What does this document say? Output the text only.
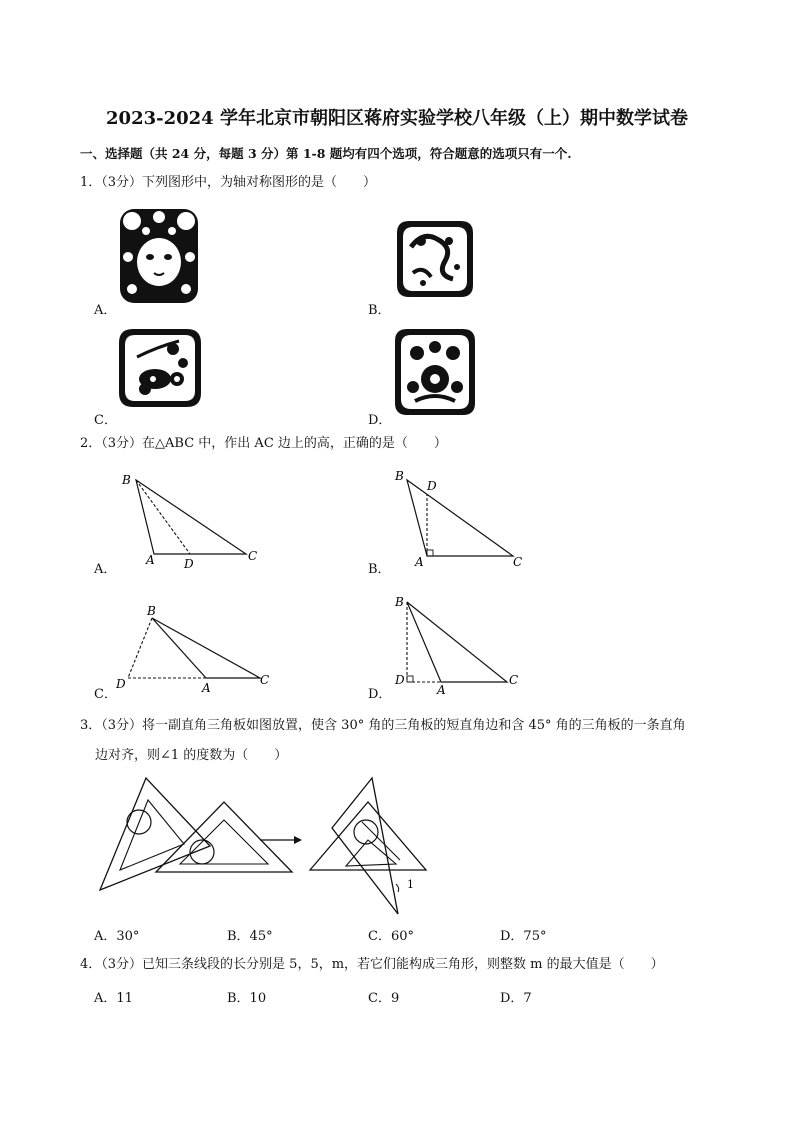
2023-2024 学年北京市朝阳区蒋府实验学校八年级（上）期中数学试卷
一、选择题（共 24 分，每题 3 分）第 1-8 题均有四个选项，符合题意的选项只有一个.
1．（3分）下列图形中，为轴对称图形的是（　　）
A．	B．
C．	D．
2．（3分）在△ABC 中，作出 AC 边上的高，正确的是（　　）
B
A D
C
A．
B
D
A	C
B．
B
D	A
C
C．
B
D
A
C
D．
3．（3分）将一副直角三角板如图放置，使含 30° 角的三角板的短直角边和含 45° 角的三角板的一条直角
边对齐，则∠1 的度数为（　　）
1
A．30°	B．45°	C．60°	D．75°
4．（3分）已知三条线段的长分别是 5，5，m，若它们能构成三角形，则整数 m 的最大值是（　　）
A．11	B．10	C．9	D．7
